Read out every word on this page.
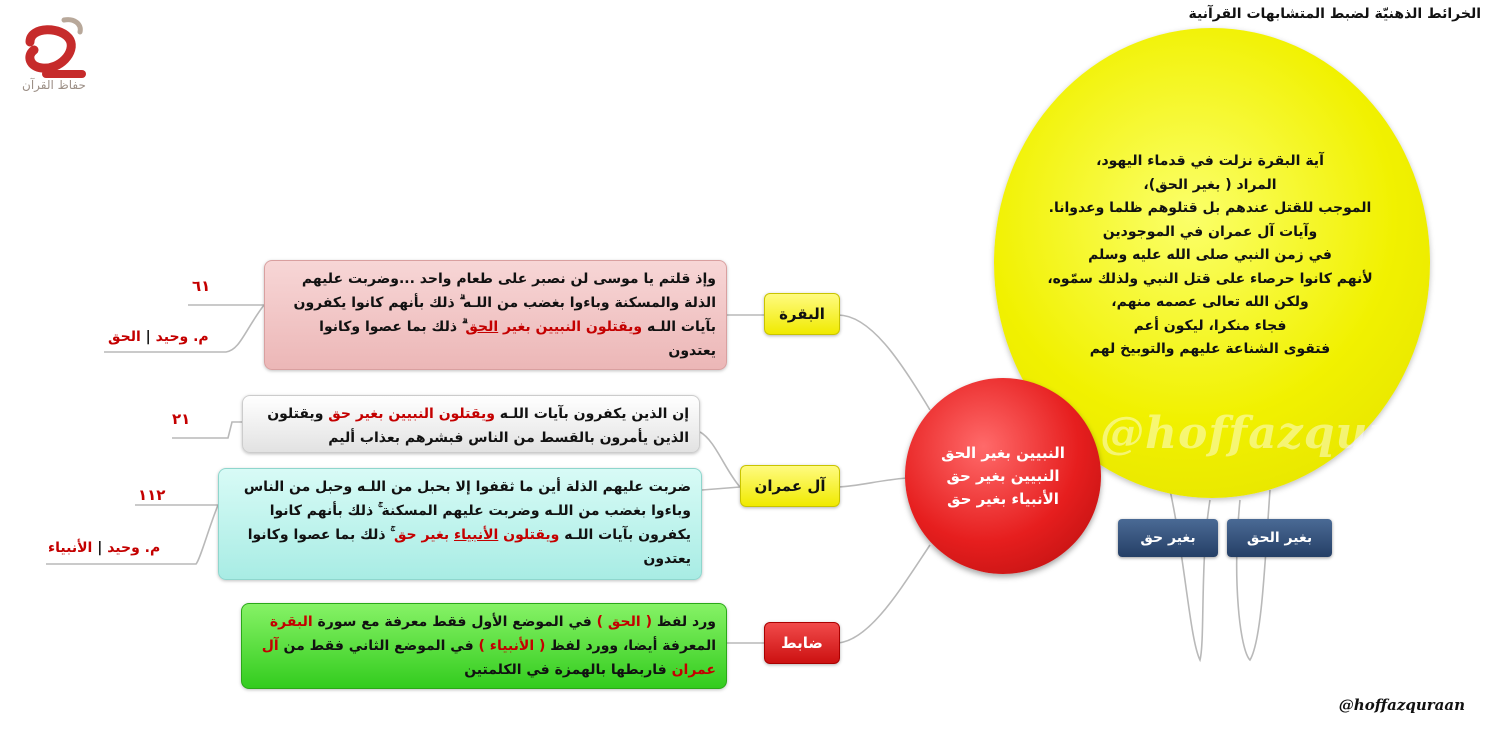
الخرائط الذهنيّة لضبط المتشابهات القرآنية
حفاظ القرآن
@hoffazquraan
آية البقرة نزلت في قدماء اليهود،
المراد ( بغير الحق)،
الموجب للقتل عندهم بل قتلوهم ظلما وعدوانا.
وآيات آل عمران في الموجودين
في زمن النبي صلى الله عليه وسلم
لأنهم كانوا حرصاء على قتل النبي ولذلك سمّوه،
ولكن الله تعالى عصمه منهم،
فجاء منكرا، ليكون أعم
فتقوى الشناعة عليهم والتوبيخ لهم
بغير الحق
بغير حق
النبيين بغير الحق
النبيين بغير حق
الأنبياء بغير حق
البقرة
آل عمران
ضابط
وإذ قلتم يا موسى لن نصبر على طعام واحد ...وضربت عليهم الذلة والمسكنة وباءوا بغضب من اللـه ۗ ذلك بأنهم كانوا يكفرون بآيات اللـه ويقتلون النبيين بغير الحق ۗ ذلك بما عصوا وكانوا يعتدون
إن الذين يكفرون بآيات اللـه ويقتلون النبيين بغير حق ويقتلون الذين يأمرون بالقسط من الناس فبشرهم بعذاب أليم
ضربت عليهم الذلة أين ما ثقفوا إلا بحبل من اللـه وحبل من الناس وباءوا بغضب من اللـه وضربت عليهم المسكنة ۚ ذلك بأنهم كانوا يكفرون بآيات اللـه ويقتلون الأنبياء بغير حق ۚ ذلك بما عصوا وكانوا يعتدون
ورد لفظ ( الحق ) في الموضع الأول فقط معرفة مع سورة البقرة المعرفة أيضا، وورد لفظ ( الأنبياء ) في الموضع الثاني فقط من آل عمران فاربطها بالهمزة في الكلمتين
٦١
م. وحيد | الحق
٢١
١١٢
م. وحيد | الأنبياء
@hoffazquraan
